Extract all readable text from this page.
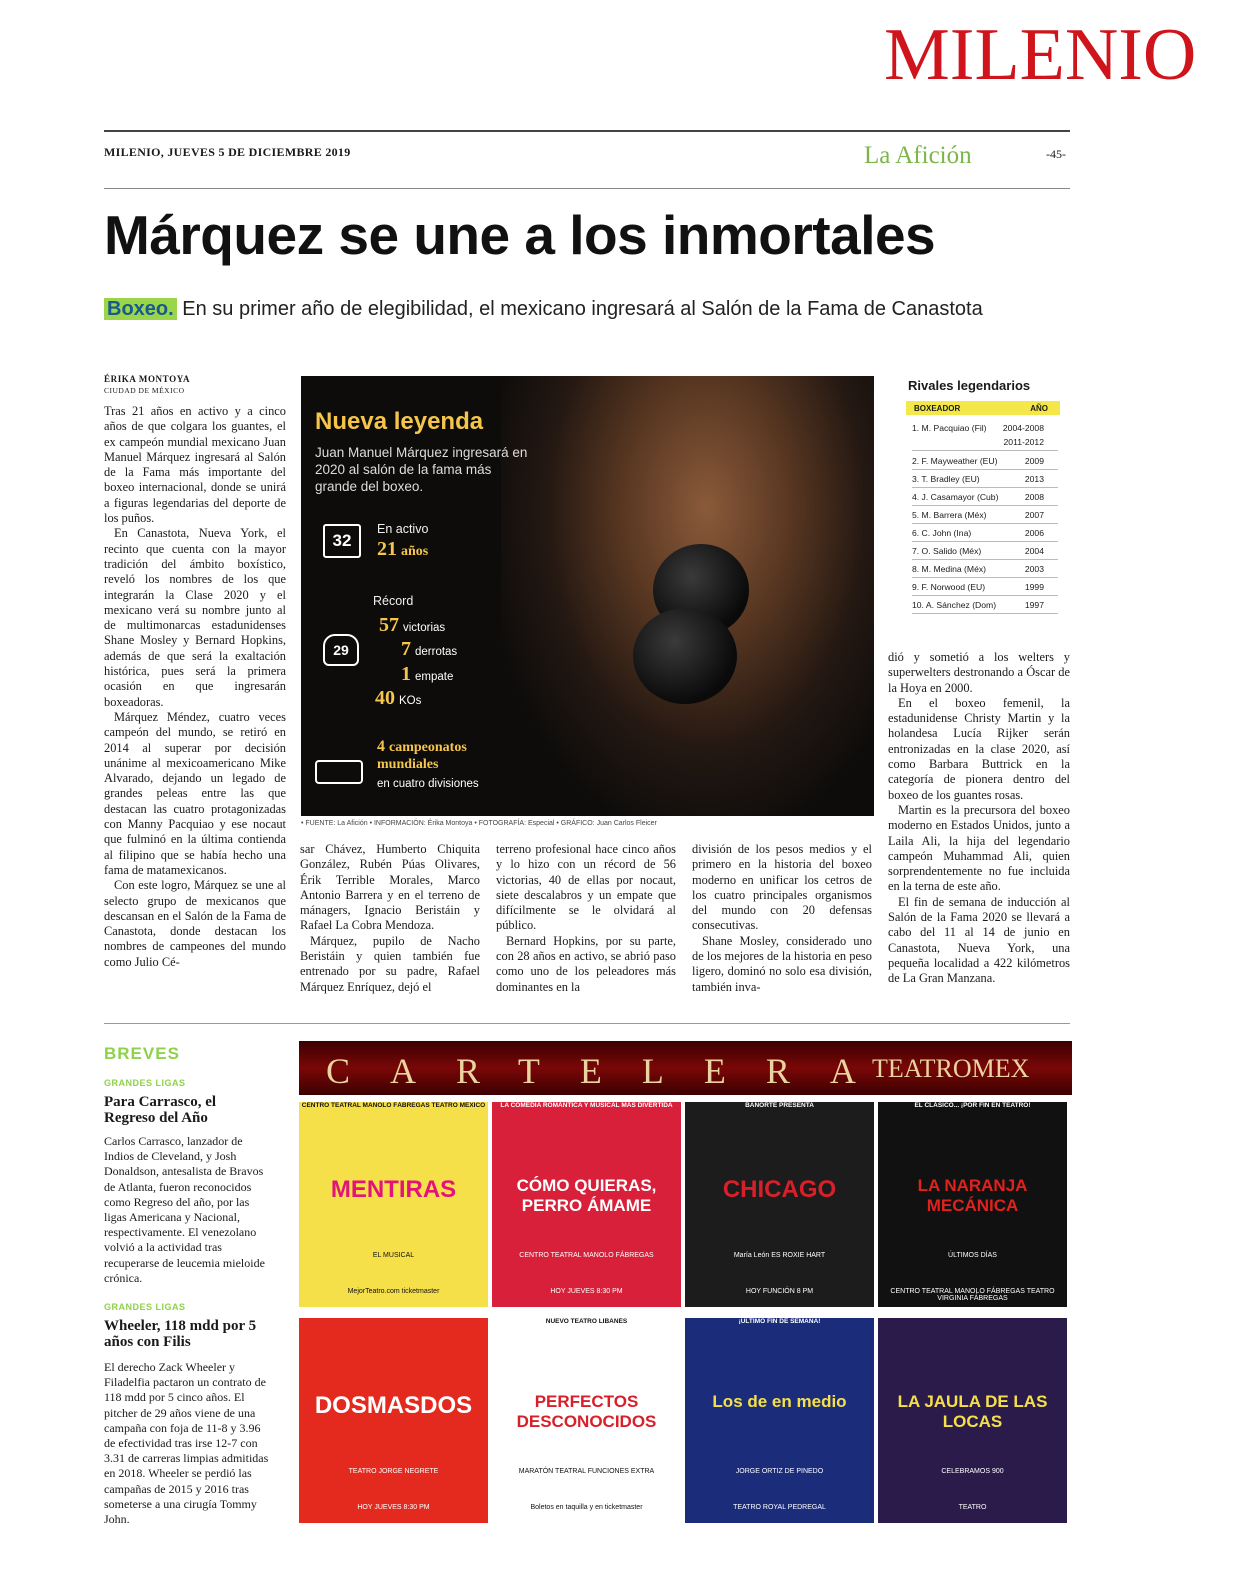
MILENIO
MILENIO, JUEVES 5 DE DICIEMBRE 2019	La Afición	-45-
Márquez se une a los inmortales
Boxeo. En su primer año de elegibilidad, el mexicano ingresará al Salón de la Fama de Canastota
ÉRIKA MONTOYA
CIUDAD DE MÉXICO

Tras 21 años en activo y a cinco años de que colgara los guantes, el ex campeón mundial mexicano Juan Manuel Márquez ingresará al Salón de la Fama más importante del boxeo internacional, donde se unirá a figuras legendarias del deporte de los puños.

En Canastota, Nueva York, el recinto que cuenta con la mayor tradición del ámbito boxístico, reveló los nombres de los que integrarán la Clase 2020 y el mexicano verá su nombre junto al de multimonarcas estadunidenses Shane Mosley y Bernard Hopkins, además de que será la exaltación histórica, pues será la primera ocasión en que ingresarán boxeadoras.

Márquez Méndez, cuatro veces campeón del mundo, se retiró en 2014 al superar por decisión unánime al mexicoamericano Mike Alvarado, dejando un legado de grandes peleas entre las que destacan las cuatro protagonizadas con Manny Pacquiao y ese nocaut que fulminó en la última contienda al filipino que se había hecho una fama de matamexicanos.

Con este logro, Márquez se une al selecto grupo de mexicanos que descansan en el Salón de la Fama de Canastota, donde destacan los nombres de campeones del mundo como Julio Cé-

Nueva leyenda
Juan Manuel Márquez ingresará en 2020 al salón de la fama más grande del boxeo.
32
En activo
21 años
Récord
29
57 victorias
7 derrotas
1 empate
40 KOs
4 campeonatos
mundiales
en cuatro divisiones
• FUENTE: La Afición • INFORMACIÓN: Érika Montoya • FOTOGRAFÍA: Especial • GRÁFICO: Juan Carlos Fleicer
Rivales legendarios
BOXEADOR	AÑO
1. M. Pacquiao (Fil) 2004-2008
2011-2012
2. F. Mayweather (EU)	2009
3. T. Bradley (EU)	2013
4. J. Casamayor (Cub)	2008
5. M. Barrera (Méx)	2007
6. C. John (Ina)	2006
7. O. Salido (Méx)	2004
8. M. Medina (Méx)	2003
9. F. Norwood (EU)	1999
10. A. Sánchez (Dom)	1997

sar Chávez, Humberto Chiquita González, Rubén Púas Olivares, Érik Terrible Morales, Marco Antonio Barrera y en el terreno de mánagers, Ignacio Beristáin y Rafael La Cobra Mendoza.

Márquez, pupilo de Nacho Beristáin y quien también fue entrenado por su padre, Rafael Márquez Enríquez, dejó el

terreno profesional hace cinco años y lo hizo con un récord de 56 victorias, 40 de ellas por nocaut, siete descalabros y un empate que difícilmente se le olvidará al público.

Bernard Hopkins, por su parte, con 28 años en activo, se abrió paso como uno de los peleadores más dominantes en la

división de los pesos medios y el primero en la historia del boxeo moderno en unificar los cetros de los cuatro principales organismos del mundo con 20 defensas consecutivas.

Shane Mosley, considerado uno de los mejores de la historia en peso ligero, dominó no solo esa división, también inva-

dió y sometió a los welters y superwelters destronando a Óscar de la Hoya en 2000.

En el boxeo femenil, la estadunidense Christy Martin y la holandesa Lucía Rijker serán entronizadas en la clase 2020, así como Barbara Buttrick en la categoría de pionera dentro del boxeo de los guantes rosas.

Martin es la precursora del boxeo moderno en Estados Unidos, junto a Laila Ali, la hija del legendario campeón Muhammad Ali, quien sorprendentemente no fue incluida en la terna de este año.

El fin de semana de inducción al Salón de la Fama 2020 se llevará a cabo del 11 al 14 de junio en Canastota, Nueva York, una pequeña localidad a 422 kilómetros de La Gran Manzana.

BREVES
GRANDES LIGAS
Para Carrasco, el Regreso del Año
Carlos Carrasco, lanzador de Indios de Cleveland, y Josh Donaldson, antesalista de Bravos de Atlanta, fueron reconocidos como Regreso del año, por las ligas Americana y Nacional, respectivamente. El venezolano volvió a la actividad tras recuperarse de leucemia mieloide crónica.
GRANDES LIGAS
Wheeler, 118 mdd por 5 años con Filis
El derecho Zack Wheeler y Filadelfia pactaron un contrato de 118 mdd por 5 cinco años. El pitcher de 29 años viene de una campaña con foja de 11-8 y 3.96 de efectividad tras irse 12-7 con 3.31 de carreras limpias admitidas en 2018. Wheeler se perdió las campañas de 2015 y 2016 tras someterse a una cirugía Tommy John.
CARTELERA
TEATROMEX
CENTRO TEATRAL MANOLO FÁBREGAS TEATRO MÉXICO
MENTIRAS
EL MUSICAL
MejorTeatro.com ticketmaster
LA COMEDIA ROMÁNTICA Y MUSICAL MÁS DIVERTIDA
CÓMO QUIERAS, PERRO ÁMAME
CENTRO TEATRAL MANOLO FÁBREGAS
HOY JUEVES 8:30 PM
BANORTE PRESENTA
CHICAGO
María León ES ROXIE HART
HOY FUNCIÓN 8 PM
EL CLÁSICO... ¡POR FIN EN TEATRO!
LA NARANJA MECÁNICA
ÚLTIMOS DÍAS
CENTRO TEATRAL MANOLO FÁBREGAS TEATRO VIRGINIA FÁBREGAS
DOSMASDOS
TEATRO JORGE NEGRETE
HOY JUEVES 8:30 PM
NUEVO TEATRO LIBANÉS
PERFECTOS DESCONOCIDOS
MARATÓN TEATRAL FUNCIONES EXTRA
Boletos en taquilla y en ticketmaster
¡ÚLTIMO FIN DE SEMANA!
Los de en medio
JORGE ORTIZ DE PINEDO
TEATRO ROYAL PEDREGAL
LA JAULA DE LAS LOCAS
CELEBRAMOS 900
TEATRO
